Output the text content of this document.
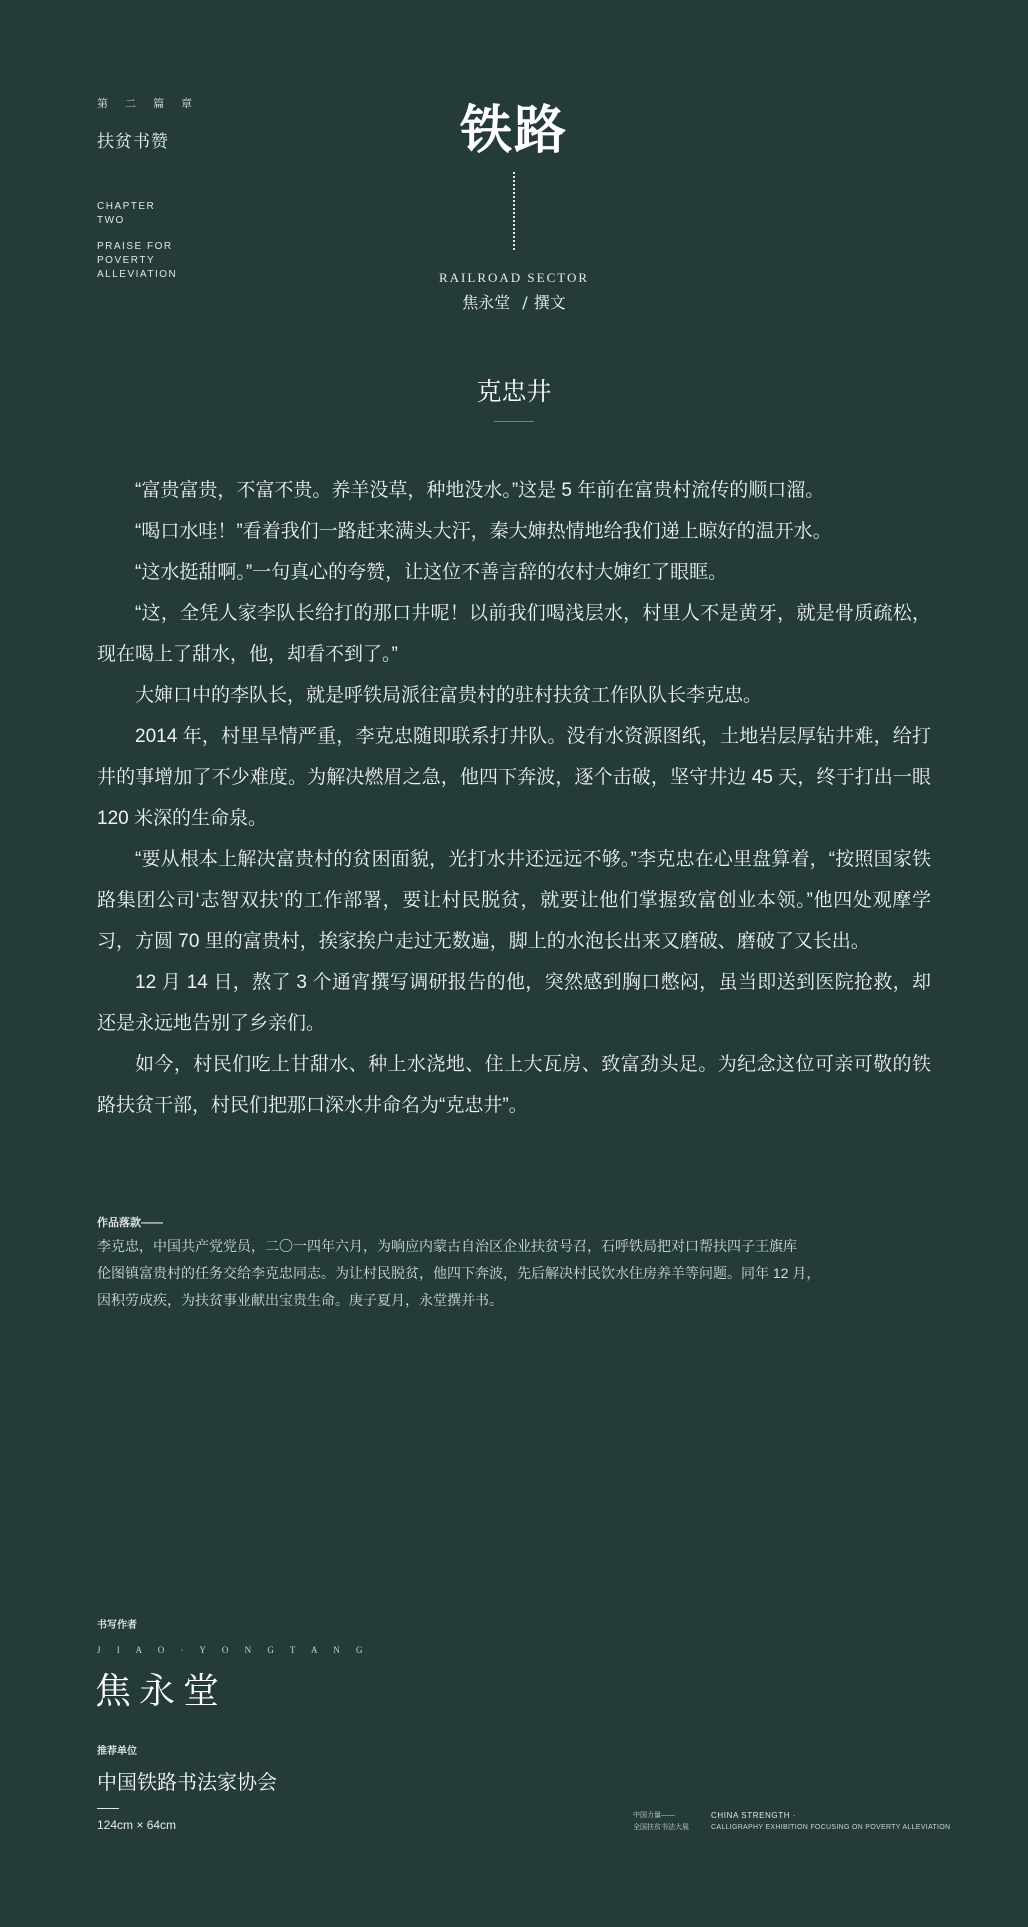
第 二 篇 章
扶贫书赞
CHAPTER
TWO
PRAISE FOR
POVERTY
ALLEVIATION
铁路
RAILROAD SECTOR
焦永堂 / 撰文
克忠井

“富贵富贵，不富不贵。养羊没草，种地没水。”这是 5 年前在富贵村流传的顺口溜。

“喝口水哇！”看着我们一路赶来满头大汗，秦大婶热情地给我们递上晾好的温开水。

“这水挺甜啊。”一句真心的夸赞，让这位不善言辞的农村大婶红了眼眶。

“这，全凭人家李队长给打的那口井呢！以前我们喝浅层水，村里人不是黄牙，就是骨质疏松，现在喝上了甜水，他，却看不到了。”

大婶口中的李队长，就是呼铁局派往富贵村的驻村扶贫工作队队长李克忠。

2014 年，村里旱情严重，李克忠随即联系打井队。没有水资源图纸，土地岩层厚钻井难，给打井的事增加了不少难度。为解决燃眉之急，他四下奔波，逐个击破，坚守井边 45 天，终于打出一眼 120 米深的生命泉。

“要从根本上解决富贵村的贫困面貌，光打水井还远远不够。”李克忠在心里盘算着，“按照国家铁路集团公司‘志智双扶’的工作部署，要让村民脱贫，就要让他们掌握致富创业本领。”他四处观摩学习，方圆 70 里的富贵村，挨家挨户走过无数遍，脚上的水泡长出来又磨破、磨破了又长出。

12 月 14 日，熬了 3 个通宵撰写调研报告的他，突然感到胸口憋闷，虽当即送到医院抢救，却还是永远地告别了乡亲们。

如今，村民们吃上甘甜水、种上水浇地、住上大瓦房、致富劲头足。为纪念这位可亲可敬的铁路扶贫干部，村民们把那口深水井命名为“克忠井”。

作品落款——
李克忠，中国共产党党员，二〇一四年六月，为响应内蒙古自治区企业扶贫号召，石呼铁局把对口帮扶四子王旗库
伦图镇富贵村的任务交给李克忠同志。为让村民脱贫，他四下奔波，先后解决村民饮水住房养羊等问题。同年 12 月，
因积劳成疾，为扶贫事业献出宝贵生命。庚子夏月，永堂撰并书。
书写作者
J I A O · Y O N G T A N G
焦永堂
推荐单位
中国铁路书法家协会
124cm × 64cm
中国力量——
全国扶贫书法大展
CHINA STRENGTH ·
CALLIGRAPHY EXHIBITION FOCUSING ON POVERTY ALLEVIATION
